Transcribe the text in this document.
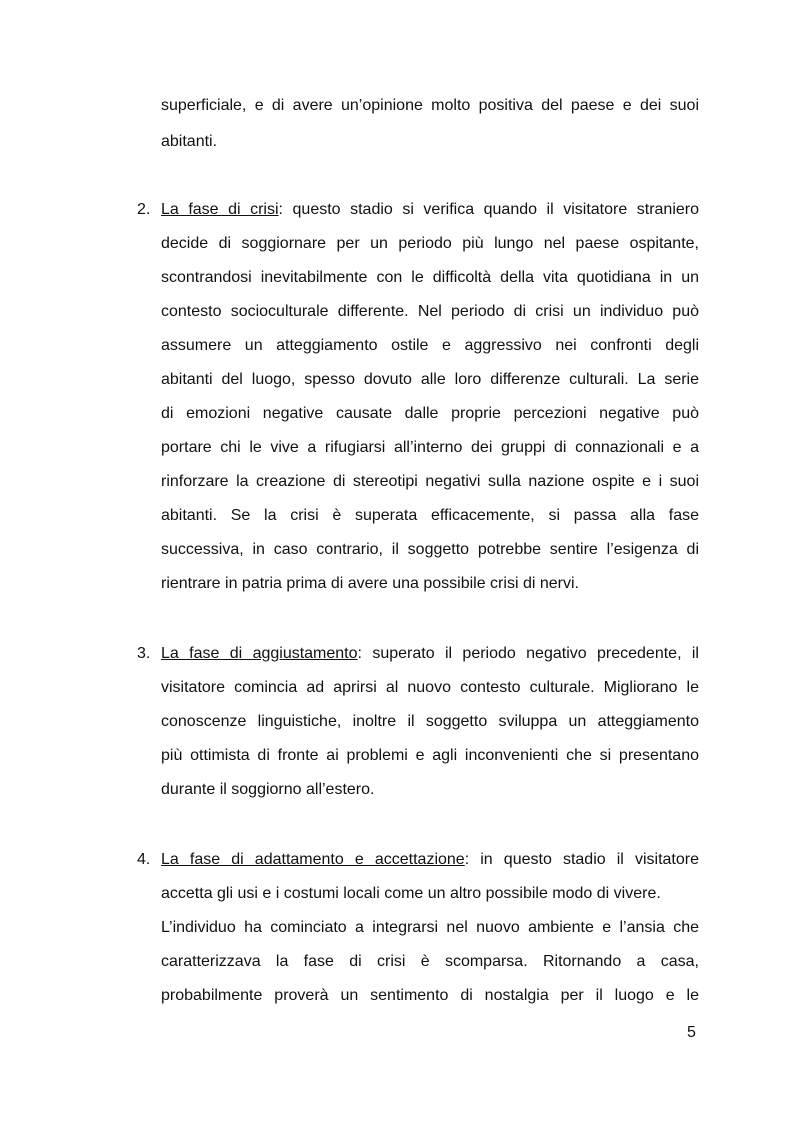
superficiale, e di avere un’opinione molto positiva del paese e dei suoi
abitanti.
2. La fase di crisi: questo stadio si verifica quando il visitatore straniero
decide di soggiornare per un periodo più lungo nel paese ospitante,
scontrandosi inevitabilmente con le difficoltà della vita quotidiana in un
contesto socioculturale differente. Nel periodo di crisi un individuo può
assumere un atteggiamento ostile e aggressivo nei confronti degli
abitanti del luogo, spesso dovuto alle loro differenze culturali. La serie
di emozioni negative causate dalle proprie percezioni negative può
portare chi le vive a rifugiarsi all’interno dei gruppi di connazionali e a
rinforzare la creazione di stereotipi negativi sulla nazione ospite e i suoi
abitanti. Se la crisi è superata efficacemente, si passa alla fase
successiva, in caso contrario, il soggetto potrebbe sentire l’esigenza di
rientrare in patria prima di avere una possibile crisi di nervi.
3. La fase di aggiustamento: superato il periodo negativo precedente, il
visitatore comincia ad aprirsi al nuovo contesto culturale. Migliorano le
conoscenze linguistiche, inoltre il soggetto sviluppa un atteggiamento
più ottimista di fronte ai problemi e agli inconvenienti che si presentano
durante il soggiorno all’estero.
4. La fase di adattamento e accettazione: in questo stadio il visitatore
accetta gli usi e i costumi locali come un altro possibile modo di vivere.
L’individuo ha cominciato a integrarsi nel nuovo ambiente e l’ansia che
caratterizzava la fase di crisi è scomparsa. Ritornando a casa,
probabilmente proverà un sentimento di nostalgia per il luogo e le
5
